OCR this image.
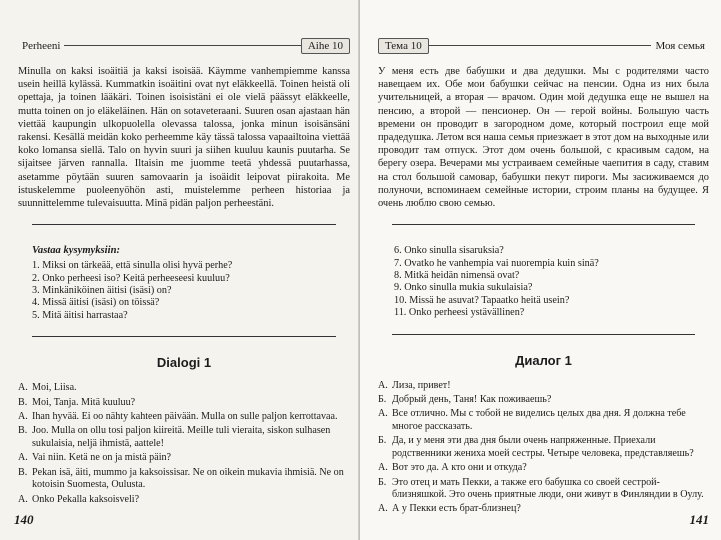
Perheeni	Aihe 10

Minulla on kaksi isoäitiä ja kaksi isoisää. Käymme vanhempiemme kanssa usein heillä kylässä. Kummatkin isoäitini ovat nyt eläkkeellä. Toinen heistä oli opettaja, ja toinen lääkäri. Toinen isoisistäni ei ole vielä päässyt eläkkeelle, mutta toinen on jo eläkeläinen. Hän on sotaveteraani. Suuren osan ajastaan hän viettää kaupungin ulkopuolella olevassa talossa, jonka minun isoisänsäni rakensi. Kesällä meidän koko perheemme käy tässä talossa vapaailtoina viettää koko lomansa siellä. Talo on hyvin suuri ja siihen kuuluu kaunis puutarha. Se sijaitsee järven rannalla. Iltaisin me juomme teetä yhdessä puutarhassa, asetamme pöytään suuren samovaarin ja isoäidit leipovat piirakoita. Me istuskelemme puoleenyöhön asti, muistelemme perheen historiaa ja suunnittelemme tulevaisuutta. Minä pidän paljon perheestäni.

Vastaa kysymyksiin:
1. Miksi on tärkeää, että sinulla olisi hyvä perhe?
2. Onko perheesi iso? Keitä perheeseesi kuuluu?
3. Minkäniköinen äitisi (isäsi) on?
4. Missä äitisi (isäsi) on töissä?
5. Mitä äitisi harrastaa?
Dialogi 1
A. Moi, Liisa.
B. Moi, Tanja. Mitä kuuluu?
A. Ihan hyvää. Ei oo nähty kahteen päivään. Mulla on sulle paljon kerrottavaa.
B. Joo. Mulla on ollu tosi paljon kiireitä. Meille tuli vieraita, siskon sulhasen sukulaisia, neljä ihmistä, aattele!
A. Vai niin. Ketä ne on ja mistä päin?
B. Pekan isä, äiti, mummo ja kaksoissisar. Ne on oikein mukavia ihmisiä. Ne on kotoisin Suomesta, Oulusta.
A. Onko Pekalla kaksoisveli?
140
Тема 10	Моя семья

У меня есть две бабушки и два дедушки. Мы с родителями часто навещаем их. Обе мои бабушки сейчас на пенсии. Одна из них была учительницей, а вторая — врачом. Один мой дедушка еще не вышел на пенсию, а второй — пенсионер. Он — герой войны. Большую часть времени он проводит в загородном доме, который построил еще мой прадедушка. Летом вся наша семья приезжает в этот дом на выходные или проводит там отпуск. Этот дом очень большой, с красивым садом, на берегу озера. Вечерами мы устраиваем семейные чаепития в саду, ставим на стол большой самовар, бабушки пекут пироги. Мы засиживаемся до полуночи, вспоминаем семейные истории, строим планы на будущее. Я очень люблю свою семью.

6. Onko sinulla sisaruksia?
7. Ovatko he vanhempia vai nuorempia kuin sinä?
8. Mitkä heidän nimensä ovat?
9. Onko sinulla mukia sukulaisia?
10. Missä he asuvat? Tapaatko heitä usein?
11. Onko perheesi ystävällinen?
Диалог 1
А. Лиза, привет!
Б. Добрый день, Таня! Как поживаешь?
А. Все отлично. Мы с тобой не виделись целых два дня. Я должна тебе многое рассказать.
Б. Да, и у меня эти два дня были очень напряженные. Приехали родственники жениха моей сестры. Четыре человека, представляешь?
А. Вот это да. А кто они и откуда?
Б. Это отец и мать Пекки, а также его бабушка со своей сестрой-близняшкой. Это очень приятные люди, они живут в Финляндии в Оулу.
А. А у Пекки есть брат-близнец?
141
